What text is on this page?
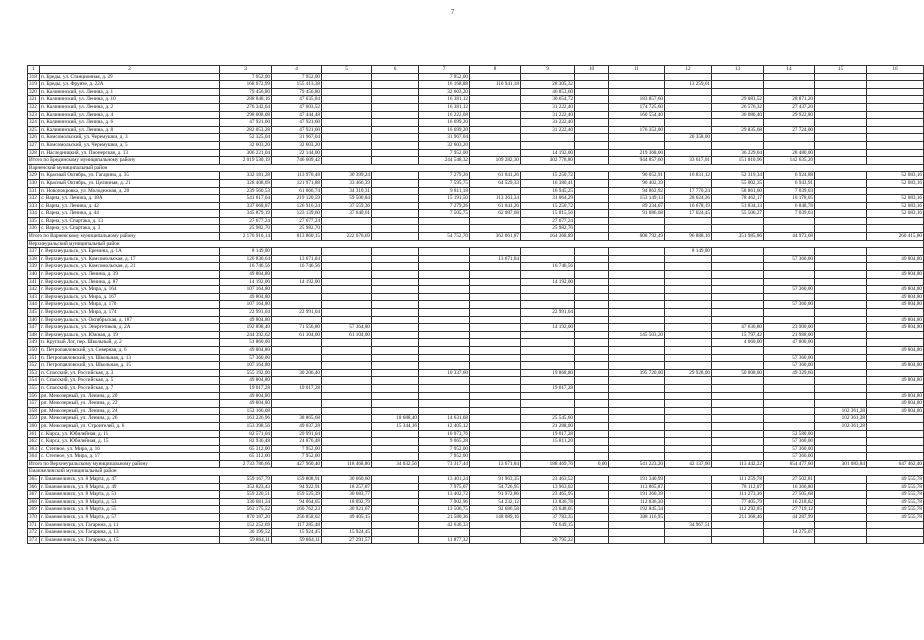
7
1	2	3	4	5	6	7	8	9	10	11	12	13	14	15	16
318	п. Бреды, ул. Станционная, д. 29	7 952,00	7 952,00			7 952,00									
319	п. Бреды, ул. Фрунзе, д. 22А	168 672,99	155 413,38			16 168,88	110 941,18	28 305,32			13 259,61				
320	п. Калининский, ул. Ленина, д. 1	79 456,80	79 456,80			32 603,20		46 853,60							
321	п. Калининский, ул. Ленина, д. 10	288 848,16	47 035,84			16 381,12		30 654,72		183 857,60		29 083,52	28 871,20		
322	п. Калининский, ул. Ленина, д. 2	276 342,64	47 603,52			16 381,12		31 222,40		174 725,60		26 576,32	27 437,20		
323	п. Калининский, ул. Ленина, д. 4	298 008,08	47 444,48			16 222,08		31 222,40		160 554,40		30 086,40	29 922,80		
324	п. Калининский, ул. Ленина, д. 6	47 921,60	47 921,60			16 699,20		31 222,40							
325	п. Калининский, ул. Ленина, д. 8	282 053,28	47 921,60			16 699,20		31 222,40		176 352,00		29 835,68	27 724,00		
326	п. Комсомольский, ул. Черемушки, д. 3	52 325,04	31 967,04			31 967,04					20 358,00				
327	п. Комсомольский, ул. Черемушки, д. 5	32 603,20	32 603,20			32 603,20									
328	п. Наследницкий, ул. Пионерская, д. 13	306 221,04	22 144,00			7 952,00		14 192,00		219 368,00		36 229,04	28 480,00		
Итого по Брединскому муниципальному району		2 019 530,19	746 609,42			244 548,32	109 282,30	302 778,80		944 857,60	33 617,01	151 810,96	142 635,20		
Варненский муниципальный район															
329	п. Красный Октябрь, ул. Гагарина, д. 35	332 181,28	113 970,48	30 399,24		7 279,26	61 041,26	15 250,72		90 052,91	16 831,12	52 319,34	6 924,88		52 083,16
330	п. Красный Октябрь, ул. Целинная, д. 21	328 408,69	121 971,88	33 466,39		7 595,75	64 529,33	16 380,41		90 402,39		55 002,35	6 943,91		52 083,16
331	п. Новопокровка, ул. Молодежная, д. 20	239 560,53	61 066,74	34 310,31		9 811,18		16 945,25		94 862,92	17 770,24	58 861,60	7 039,03		
332	с. Варна, ул. Ленина, д. 18А	541 617,64	219 120,59	59 500,84		15 191,50	113 363,34	31 064,29		153 149,13	28 624,36	78 462,17	10 178,05		52 083,16
333	с. Варна, ул. Ленина, д. 42	337 068,87	126 916,24	37 559,36		7 279,26	61 041,26	15 250,72		89 234,07	16 678,19	51 834,13	6 848,78		52 083,16
334	с. Варна, ул. Ленина, д. 44	345 879,19	123 139,60	37 640,61		7 505,75	62 087,68	15 815,56		91 086,68	17 024,45	55 506,27	7 039,03		52 083,16
335	с. Варна, ул. Спартака, д. 13	27 677,24	27 677,24					27 677,24							
336	с. Варна, ул. Спартака, д. 3	25 982,70	25 982,70					25 982,70							
Итого по Варненскому муниципальному району		2 176 916,14	813 860,15	222 676,69		54 752,70	362 061,87	164 368,89		608 792,49	96 888,16	351 985,86	44 973,68		260 415,80
Верхнеуральский муниципальный район															
337	г. Верхнеуральск, ул. Еремина, д. 1А	8 149,00									8 149,00				
338	г. Верхнеуральск, ул. Комсомольская, д. 17	120 836,64	13 671,84				13 671,84						57 360,00		49 804,80
339	г. Верхнеуральск, ул. Комсомольская, д. 21	16 746,56	16 746,56					16 746,56							
340	г. Верхнеуральск, ул. Ленина, д. 39	49 804,80													49 804,80
341	г. Верхнеуральск, ул. Ленина, д. 87	14 192,00	14 192,00					14 192,00							
342	г. Верхнеуральск, ул. Мира, д. 164	107 164,80											57 360,00		49 804,80
343	г. Верхнеуральск, ул. Мира, д. 167	49 804,80													49 804,80
344	г. Верхнеуральск, ул. Мира, д. 170	107 164,80											57 360,00		49 804,80
345	г. Верхнеуральск, ул. Мира, д. 174	22 991,04	22 991,04					22 991,04							
346	г. Верхнеуральск, ул. Октябрьская, д. 187	49 804,80													49 804,80
347	г. Верхнеуральск, ул. Энергетиков, д. 2А	192 898,40	71 556,80	57 364,80				14 192,00				47 636,80	23 900,00		49 804,80
348	г. Верхнеуральск, ул. Южная, д. 19	244 392,62	61 104,00	61 104,00						145 503,20		15 797,42	21 988,00		
349	п. Круглый Лог, пер. Школьный, д. 2	51 860,00										4 060,00	47 800,00		
350	п. Петропавловский, ул. Северная, д. 6	49 804,80													49 804,80
351	п. Петропавловский, ул. Школьная, д. 13	57 360,00											57 360,00		
352	п. Петропавловский, ул. Школьная, д. 15	107 164,80											57 360,00		49 804,80
353	п. Спасский, ул. Российская, д. 3	555 192,00	30 206,40			10 337,60		19 868,80		395 720,00	29 928,00	50 008,00	49 329,60		
354	п. Спасский, ул. Российская, д. 5	49 804,80													49 804,80
355	п. Спасский, ул. Российская, д. 7	19 017,28	19 017,28					19 017,28							
356	рп. Межозерный, ул. Ленина, д. 20	49 804,80													49 804,80
357	рп. Межозерный, ул. Ленина, д. 22	49 804,80													49 804,80
358	рп. Межозерный, ул. Ленина, д. 24	152 166,08												102 361,28	49 804,80
359	рп. Межозерный, ул. Ленина, д. 26	163 226,96	38 865,68		18 688,40	14 631,68		25 545,60						102 361,28	
360	рп. Межозерный, ул. Строителей, д. 6	153 398,56	49 037,28		15 344,16	12 405,12		21 288,00						102 361,28	
361	с. Кирса, ул. Юбилейная, д. 11	82 571,04	29 991,04			10 973,76		19 017,28					52 580,00		
362	с. Кирса, ул. Юбилейная, д. 15	82 936,48	24 876,48			9 065,28		15 811,20					57 360,00		
363	с. Степное, ул. Мира, д. 16	65 312,00	7 952,00			7 952,00							57 360,00		
364	с. Степное, ул. Мира, д. 17	65 312,00	7 952,00			7 952,00							57 360,00		
Итого по Верхнеуральскому муниципальному району		2 733 786,66	427 960,40	118 468,80	34 032,56	73 317,44	13 671,84	188 469,76	0,00	541 223,20	42 137,00	113 442,22	654 477,60	301 083,84	647 462,40
Еманжелинский муниципальный район															
365	г. Еманжелинск, ул. 8 Марта, д. 47	559 167,79	159 808,91	30 660,60		13 401,24	91 963,35	23 463,52		191 340,99		111 259,78	27 502,81		49 555,78
366	г. Еманжелинск, ул. 8 Марта, д. 49	352 823,43	94 922,91	18 257,87		7 975,07	54 726,95	13 963,02		113 865,87		78 112,07	16 366,80		49 555,78
367	г. Еманжелинск, ул. 8 Марта, д. 51	559 220,51	159 525,39	30 683,77		13 402,72	91 972,86	23 465,95		191 360,39		111 273,36	27 505,68		49 555,78
368	г. Еманжелинск, ул. 8 Марта, д. 53	330 081,34	94 064,65	18 092,79		7 902,96	54 232,12	13 836,78		112 836,30		77 405,79	16 218,82		49 555,78
369	г. Еманжелинск, ул. 8 Марта, д. 55	563 175,52	160 762,23	30 921,67		13 506,75	92 686,58	23 648,05		192 845,34		112 292,05	27 719,12		49 555,78
370	г. Еманжелинск, ул. 8 Марта, д. 57	870 187,20	256 858,02	49 405,15		21 580,36	148 089,16	37 783,35		308 116,95		211 368,46	44 287,99		49 555,78
371	г. Еманжелинск, ул. Гагарина, д. 11	152 252,69	117 285,48			42 636,33		74 649,15			34 967,51				
372	г. Еманжелинск, ул. Гагарина, д. 13	30 199,52	15 924,45	15 924,45									14 275,07		
373	г. Еманжелинск, ул. Гагарина, д. 15	59 864,11	59 864,11	27 291,57		11 877,32		20 795,22							
